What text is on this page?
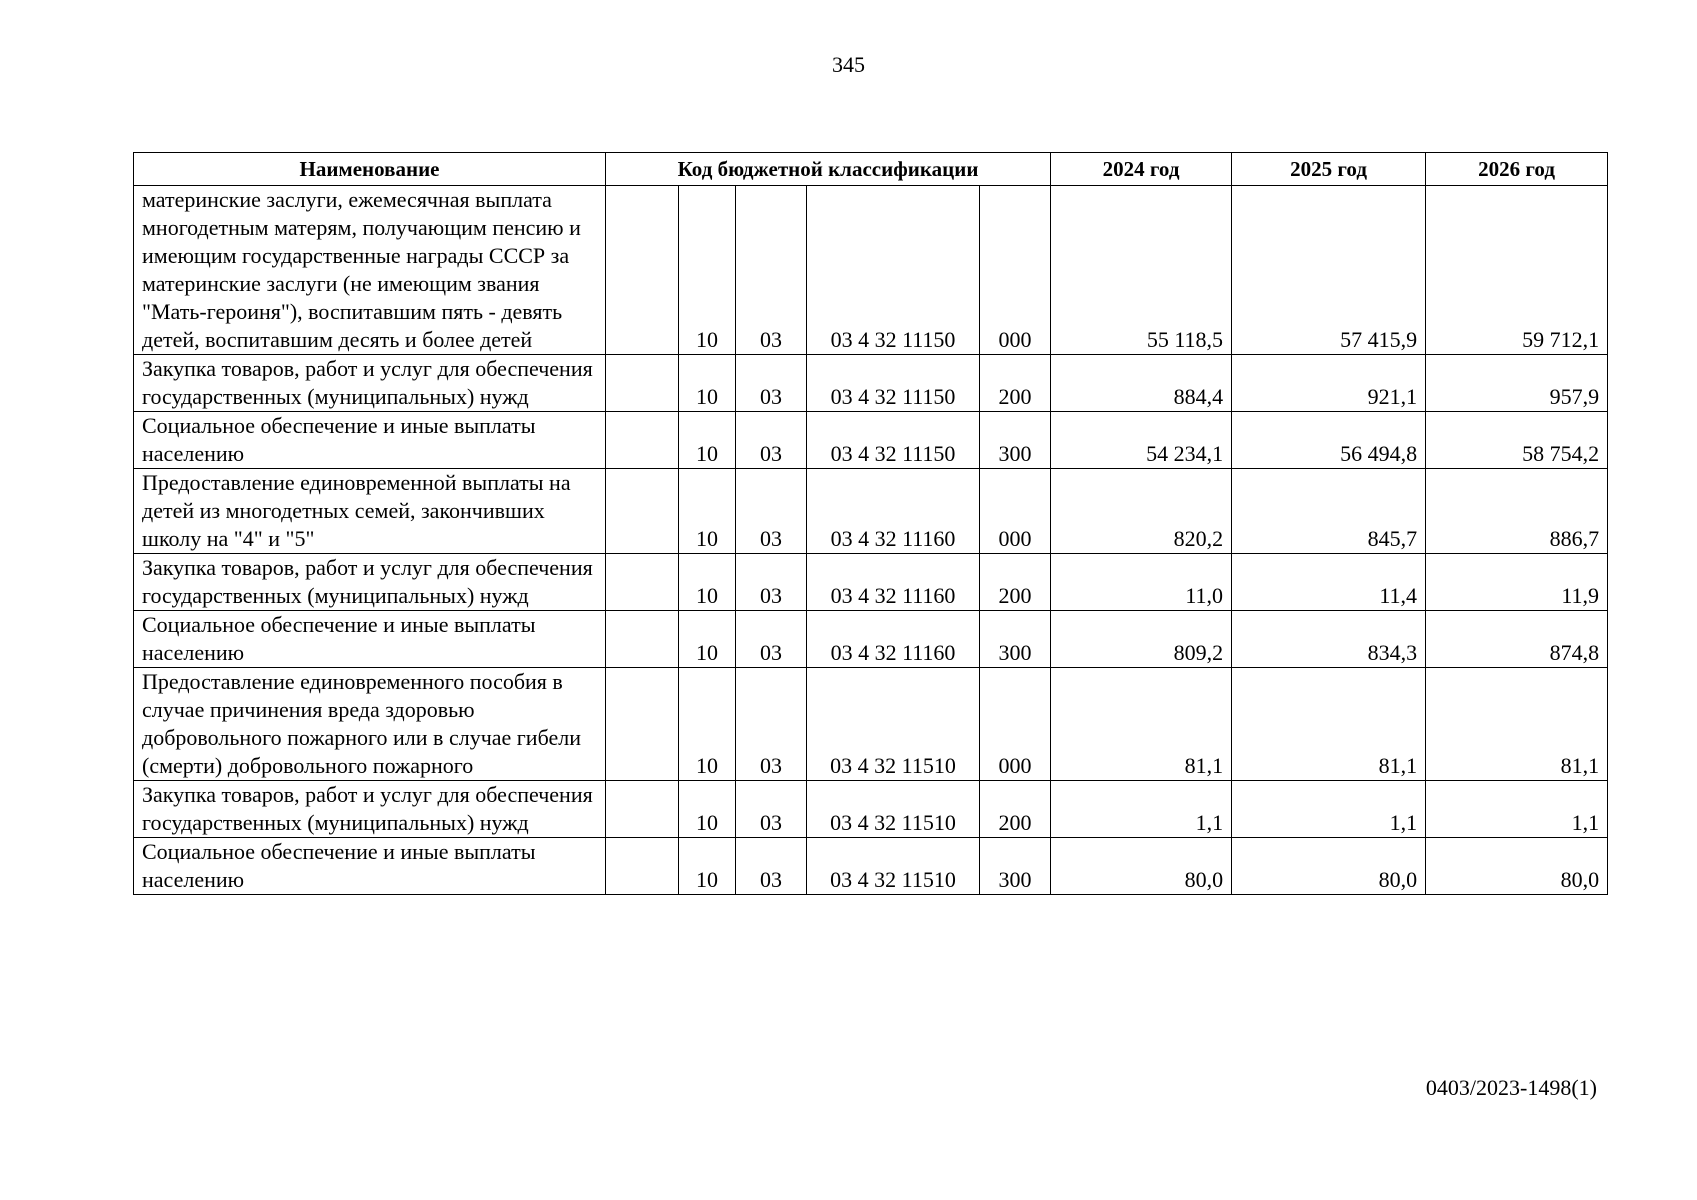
345
Наименование	Код бюджетной классификации					2024 год	2025 год	2026 год
материнские заслуги, ежемесячная выплата многодетным матерям, получающим пенсию и имеющим государственные награды СССР за материнские заслуги (не имеющим звания "Мать-героиня"), воспитавшим пять - девять детей, воспитавшим десять и более детей		10	03	03 4 32 11150	000	55 118,5	57 415,9	59 712,1
Закупка товаров, работ и услуг для обеспечения государственных (муниципальных) нужд		10	03	03 4 32 11150	200	884,4	921,1	957,9
Социальное обеспечение и иные выплаты населению		10	03	03 4 32 11150	300	54 234,1	56 494,8	58 754,2
Предоставление единовременной выплаты на детей из многодетных семей, закончивших школу на "4" и "5"		10	03	03 4 32 11160	000	820,2	845,7	886,7
Закупка товаров, работ и услуг для обеспечения государственных (муниципальных) нужд		10	03	03 4 32 11160	200	11,0	11,4	11,9
Социальное обеспечение и иные выплаты населению		10	03	03 4 32 11160	300	809,2	834,3	874,8
Предоставление единовременного пособия в случае причинения вреда здоровью добровольного пожарного или в случае гибели (смерти) добровольного пожарного		10	03	03 4 32 11510	000	81,1	81,1	81,1
Закупка товаров, работ и услуг для обеспечения государственных (муниципальных) нужд		10	03	03 4 32 11510	200	1,1	1,1	1,1
Социальное обеспечение и иные выплаты населению		10	03	03 4 32 11510	300	80,0	80,0	80,0
0403/2023-1498(1)
